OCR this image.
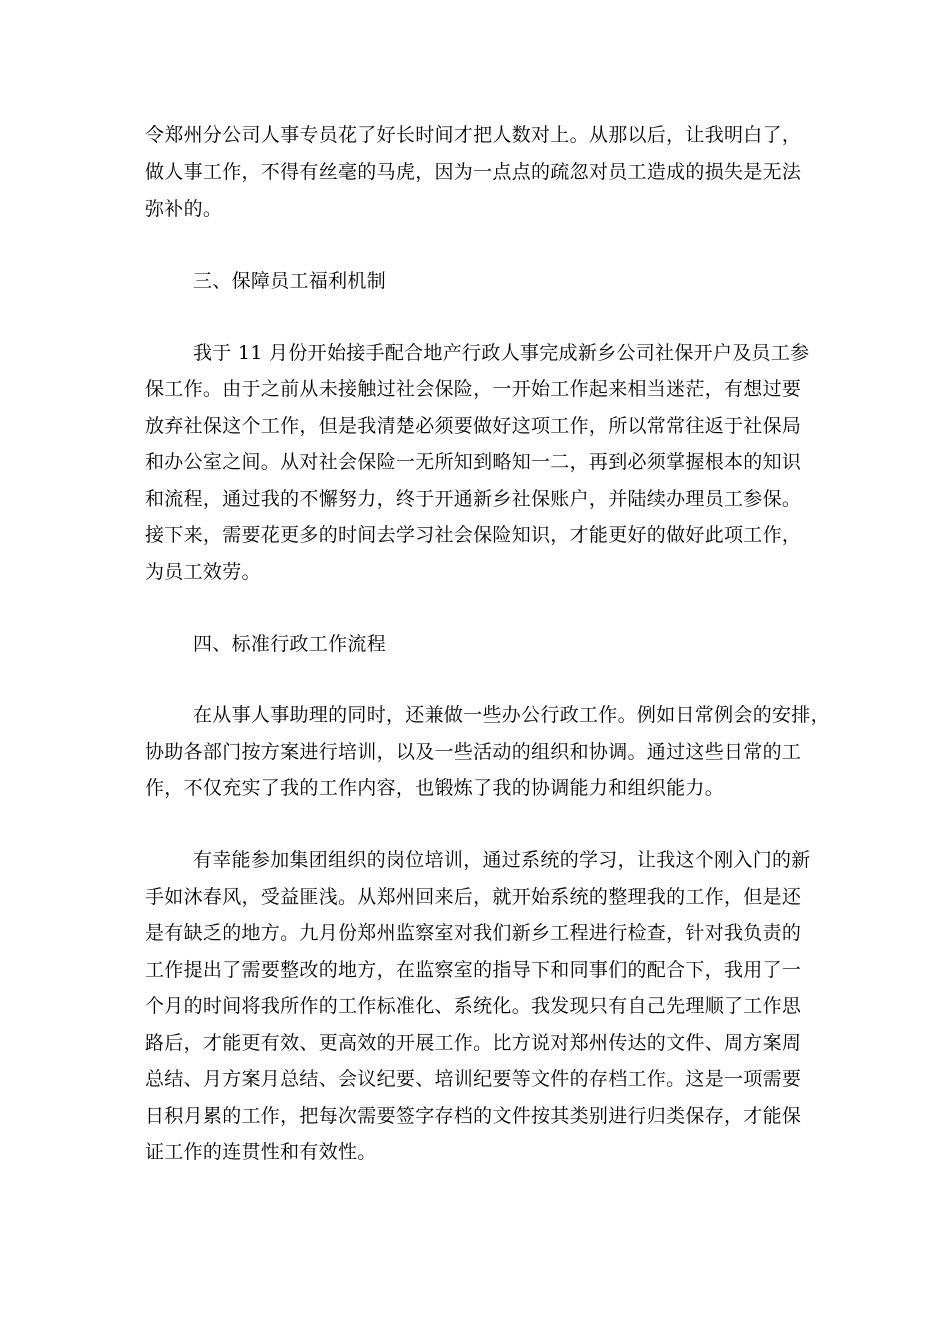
令郑州分公司人事专员花了好长时间才把人数对上。从那以后，让我明白了，
做人事工作，不得有丝毫的马虎，因为一点点的疏忽对员工造成的损失是无法
弥补的。
三、保障员工福利机制
我于 11 月份开始接手配合地产行政人事完成新乡公司社保开户及员工参
保工作。由于之前从未接触过社会保险，一开始工作起来相当迷茫，有想过要
放弃社保这个工作，但是我清楚必须要做好这项工作，所以常常往返于社保局
和办公室之间。从对社会保险一无所知到略知一二，再到必须掌握根本的知识
和流程，通过我的不懈努力，终于开通新乡社保账户，并陆续办理员工参保。
接下来，需要花更多的时间去学习社会保险知识，才能更好的做好此项工作，
为员工效劳。
四、标准行政工作流程
在从事人事助理的同时，还兼做一些办公行政工作。例如日常例会的安排，
协助各部门按方案进行培训，以及一些活动的组织和协调。通过这些日常的工
作，不仅充实了我的工作内容，也锻炼了我的协调能力和组织能力。
有幸能参加集团组织的岗位培训，通过系统的学习，让我这个刚入门的新
手如沐春风，受益匪浅。从郑州回来后，就开始系统的整理我的工作，但是还
是有缺乏的地方。九月份郑州监察室对我们新乡工程进行检查，针对我负责的
工作提出了需要整改的地方，在监察室的指导下和同事们的配合下，我用了一
个月的时间将我所作的工作标准化、系统化。我发现只有自己先理顺了工作思
路后，才能更有效、更高效的开展工作。比方说对郑州传达的文件、周方案周
总结、月方案月总结、会议纪要、培训纪要等文件的存档工作。这是一项需要
日积月累的工作，把每次需要签字存档的文件按其类别进行归类保存，才能保
证工作的连贯性和有效性。
